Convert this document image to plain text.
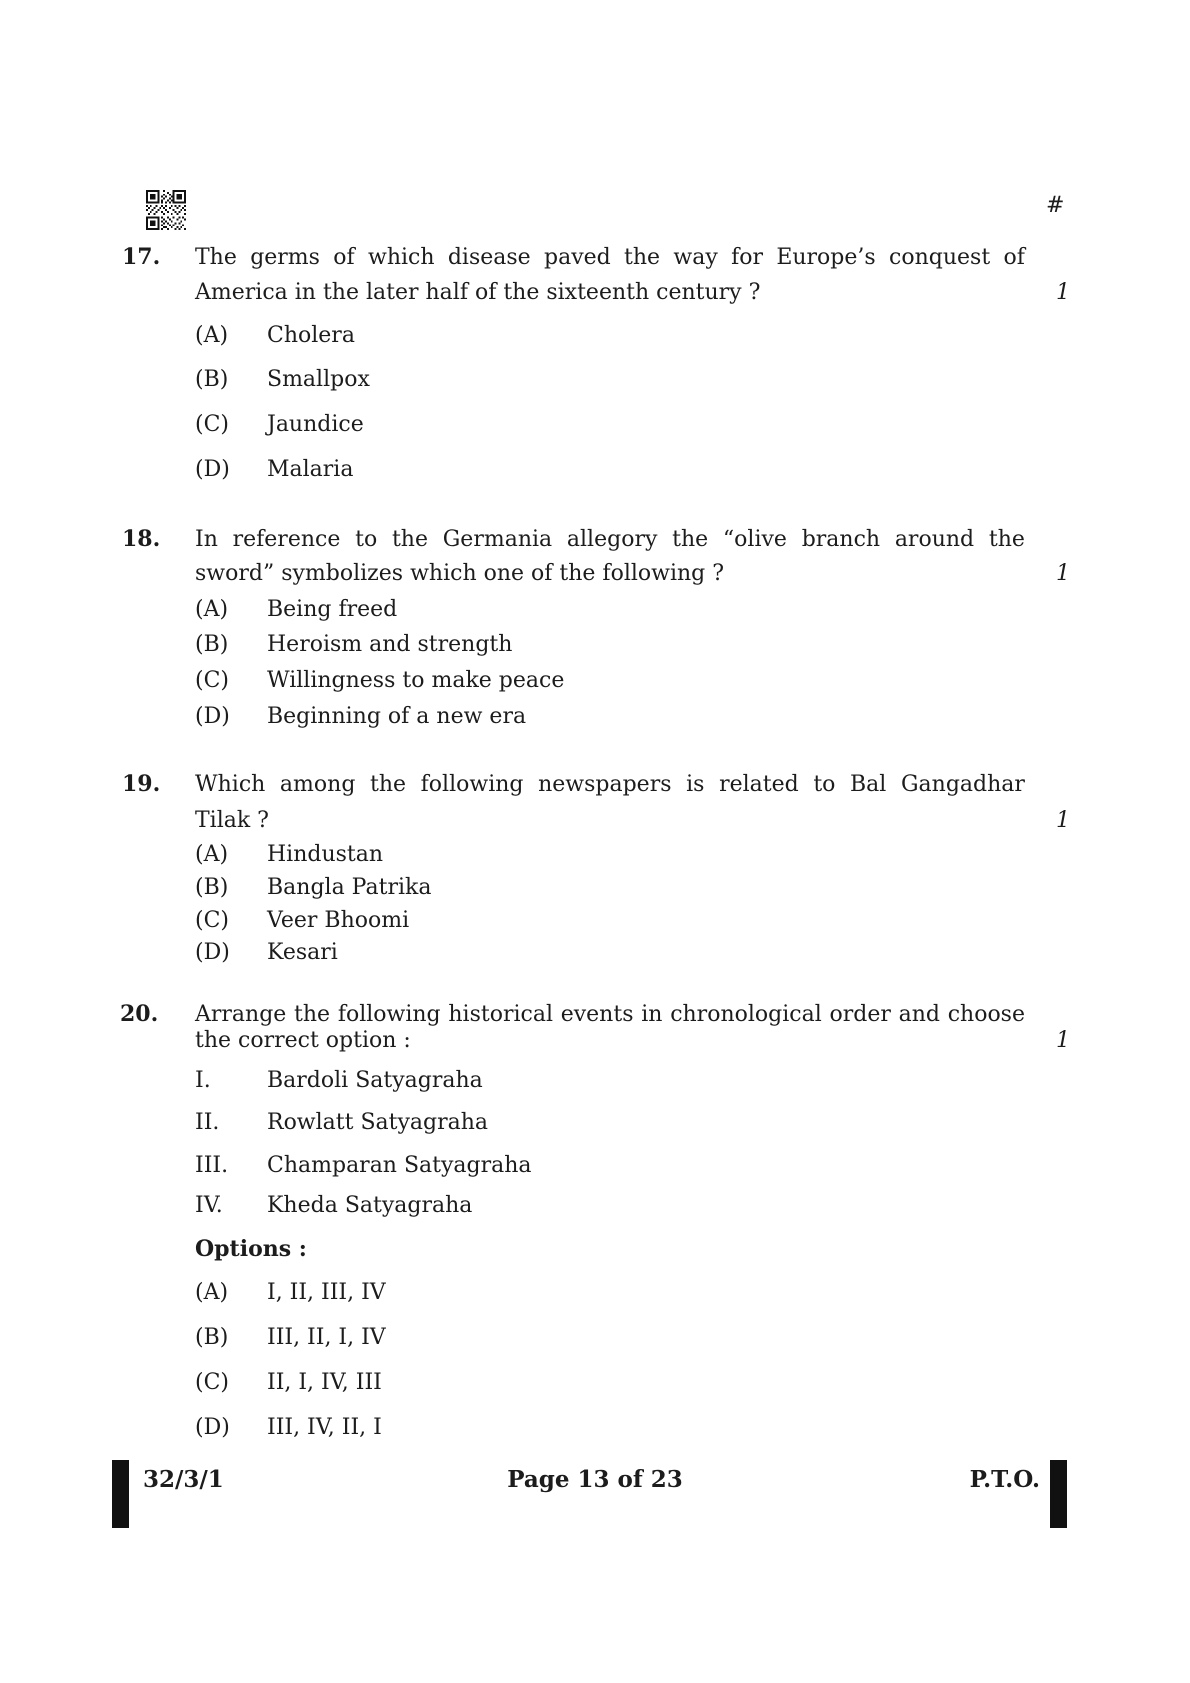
#
17. The germs of which disease paved the way for Europe’s conquest of
America in the later half of the sixteenth century ?	1
(A)	Cholera
(B)	Smallpox
(C)	Jaundice
(D)	Malaria
18. In reference to the Germania allegory the “olive branch around the
sword” symbolizes which one of the following ?	1
(A)	Being freed
(B)	Heroism and strength
(C)	Willingness to make peace
(D)	Beginning of a new era
19. Which among the following newspapers is related to Bal Gangadhar
Tilak ?	1
(A)	Hindustan
(B)	Bangla Patrika
(C)	Veer Bhoomi
(D)	Kesari
20. Arrange the following historical events in chronological order and choose
the correct option :	1
I.	Bardoli Satyagraha
II.	Rowlatt Satyagraha
III.	Champaran Satyagraha
IV.	Kheda Satyagraha
Options :
(A)	I, II, III, IV
(B)	III, II, I, IV
(C)	II, I, IV, III
(D)	III, IV, II, I
32/3/1	Page 13 of 23	P.T.O.
